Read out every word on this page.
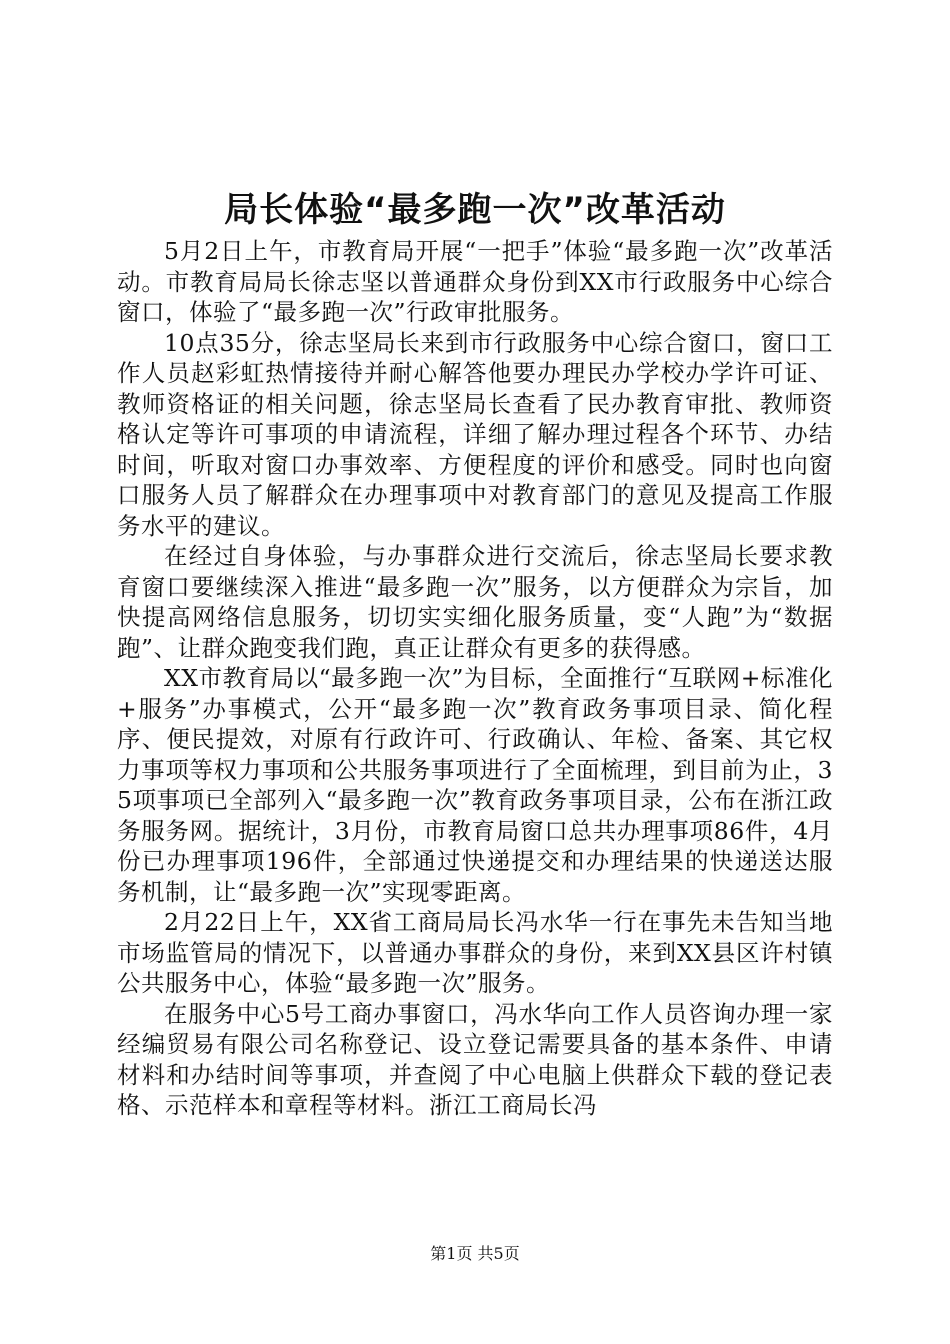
局长体验“最多跑一次”改革活动

5月2日上午，市教育局开展“一把手”体验“最多跑一次”改革活动。市教育局局长徐志坚以普通群众身份到XX市行政服务中心综合窗口，体验了“最多跑一次”行政审批服务。

10点35分，徐志坚局长来到市行政服务中心综合窗口，窗口工作人员赵彩虹热情接待并耐心解答他要办理民办学校办学许可证、教师资格证的相关问题，徐志坚局长查看了民办教育审批、教师资格认定等许可事项的申请流程，详细了解办理过程各个环节、办结时间，听取对窗口办事效率、方便程度的评价和感受。同时也向窗口服务人员了解群众在办理事项中对教育部门的意见及提高工作服务水平的建议。

在经过自身体验，与办事群众进行交流后，徐志坚局长要求教育窗口要继续深入推进“最多跑一次”服务，以方便群众为宗旨，加快提高网络信息服务，切切实实细化服务质量，变“人跑”为“数据跑”、让群众跑变我们跑，真正让群众有更多的获得感。

XX市教育局以“最多跑一次”为目标，全面推行“互联网+标准化+服务”办事模式，公开“最多跑一次”教育政务事项目录、简化程序、便民提效，对原有行政许可、行政确认、年检、备案、其它权力事项等权力事项和公共服务事项进行了全面梳理，到目前为止，35项事项已全部列入“最多跑一次”教育政务事项目录，公布在浙江政务服务网。据统计，3月份，市教育局窗口总共办理事项86件，4月份已办理事项196件，全部通过快递提交和办理结果的快递送达服务机制，让“最多跑一次”实现零距离。

2月22日上午，XX省工商局局长冯水华一行在事先未告知当地市场监管局的情况下，以普通办事群众的身份，来到XX县区许村镇公共服务中心，体验“最多跑一次”服务。

在服务中心5号工商办事窗口，冯水华向工作人员咨询办理一家经编贸易有限公司名称登记、设立登记需要具备的基本条件、申请材料和办结时间等事项，并查阅了中心电脑上供群众下载的登记表格、示范样本和章程等材料。浙江工商局长冯

第1页 共5页
